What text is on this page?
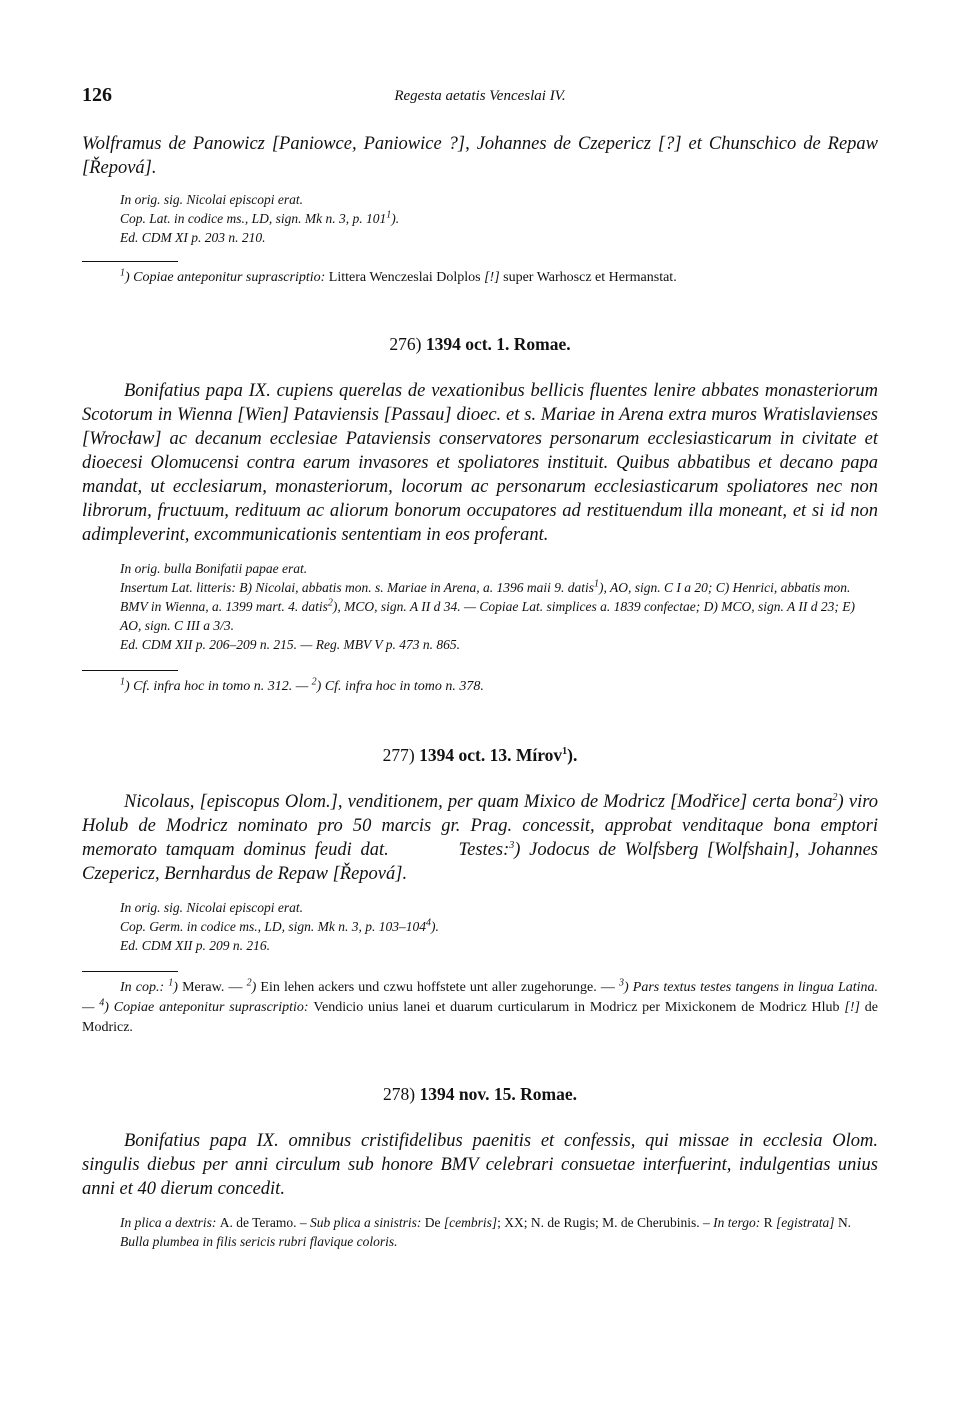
126	Regesta aetatis Venceslai IV.

Wolframus de Panowicz [Paniowce, Paniowice ?], Johannes de Czepericz [?] et Chunschico de Repaw [Řepová].

In orig. sig. Nicolai episcopi erat.
Cop. Lat. in codice ms., LD, sign. Mk n. 3, p. $101^1$).
Ed. CDM XI p. 203 n. 210.
$^1$) Copiae anteponitur suprascriptio: Littera Wenczeslai Dolplos [!] super Warhoscz et Hermanstat.
276) 1394 oct. 1. Romae.

Bonifatius papa IX. cupiens querelas de vexationibus bellicis fluentes lenire abbates monasteriorum Scotorum in Wienna [Wien] Pataviensis [Passau] dioec. et s. Mariae in Arena extra muros Wratislavienses [Wrocław] ac decanum ecclesiae Pataviensis conservatores personarum ecclesiasticarum in civitate et dioecesi Olomucensi contra earum invasores et spoliatores instituit. Quibus abbatibus et decano papa mandat, ut ecclesiarum, monasteriorum, locorum ac personarum ecclesiasticarum spoliatores nec non librorum, fructuum, redituum ac aliorum bonorum occupatores ad restituendum illa moneant, et si id non adimpleverint, excommunicationis sententiam in eos proferant.

In orig. bulla Bonifatii papae erat.
Insertum Lat. litteris: B) Nicolai, abbatis mon. s. Mariae in Arena, a. 1396 maii 9. datis$^1$), AO, sign. C I a 20; C) Henrici, abbatis mon. BMV in Wienna, a. 1399 mart. 4. datis$^2$), MCO, sign. A II d 34. — Copiae Lat. simplices a. 1839 confectae; D) MCO, sign. A II d 23; E) AO, sign. C III a 3/3.
Ed. CDM XII p. 206–209 n. 215. — Reg. MBV V p. 473 n. 865.
$^1$) Cf. infra hoc in tomo n. 312. — $^2$) Cf. infra hoc in tomo n. 378.
277) 1394 oct. 13. Mírov$^1$).

Nicolaus, [episcopus Olom.], venditionem, per quam Mixico de Modricz [Modřice] certa bona$^2$) viro Holub de Modricz nominato pro 50 marcis gr. Prag. concessit, approbat venditaque bona emptori memorato tamquam dominus feudi dat.        Testes:$^3$) Jodocus de Wolfsberg [Wolfshain], Johannes Czepericz, Bernhardus de Repaw [Řepová].

In orig. sig. Nicolai episcopi erat.
Cop. Germ. in codice ms., LD, sign. Mk n. 3, p. $103-104^4$).
Ed. CDM XII p. 209 n. 216.
In cop.: $^1$) Meraw. — $^2$) Ein lehen ackers und czwu hoffstete unt aller zugehorunge. — $^3$) Pars textus testes tangens in lingua Latina. — $^4$) Copiae anteponitur suprascriptio: Vendicio unius lanei et duarum curticularum in Modricz per Mixickonem de Modricz Hlub [!] de Modricz.
278) 1394 nov. 15. Romae.

Bonifatius papa IX. omnibus cristifidelibus paenitis et confessis, qui missae in ecclesia Olom. singulis diebus per anni circulum sub honore BMV celebrari consuetae interfuerint, indulgentias unius anni et 40 dierum concedit.

In plica a dextris: A. de Teramo. – Sub plica a sinistris: De [cembris]; XX; N. de Rugis; M. de Cherubinis. – In tergo: R [egistrata] N.
Bulla plumbea in filis sericis rubri flavique coloris.
